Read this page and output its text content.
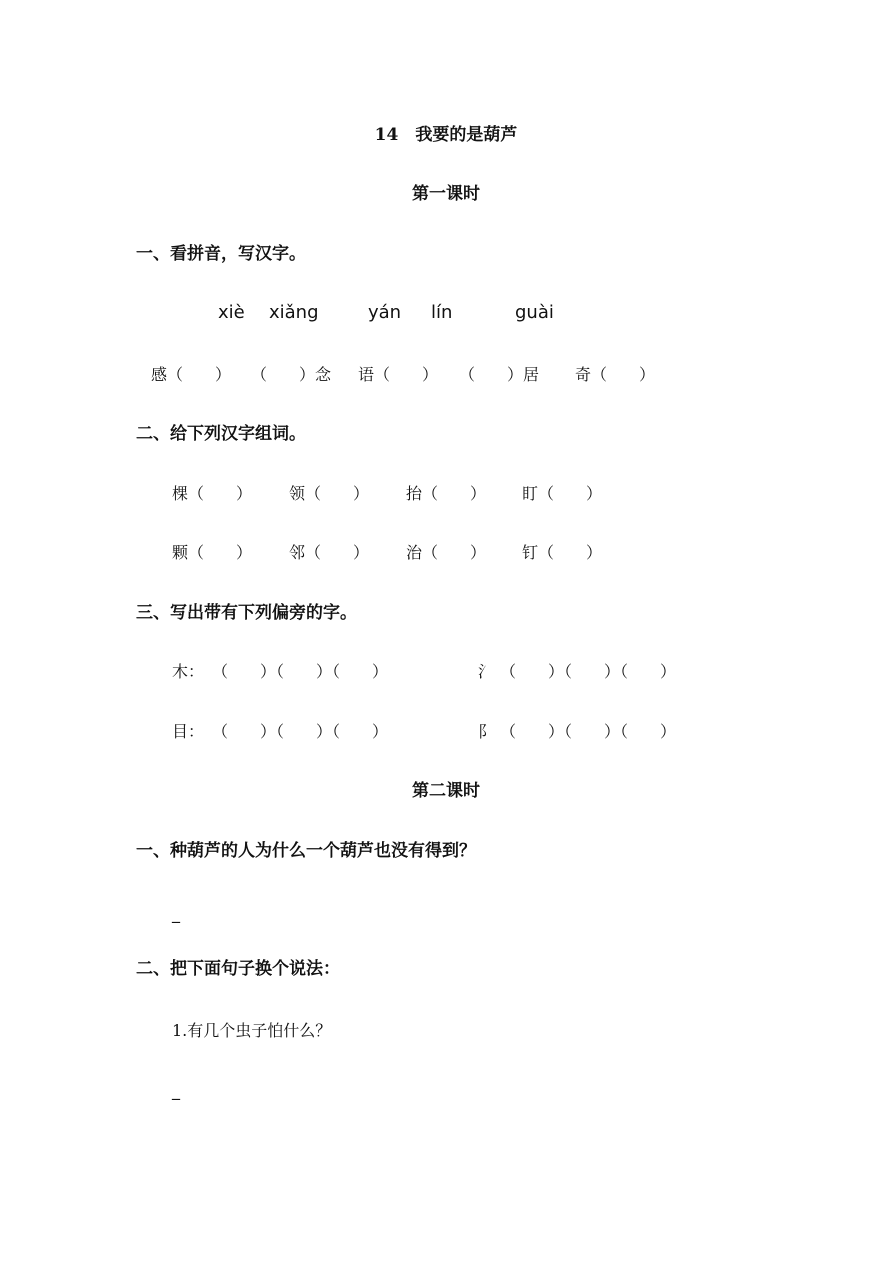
14　我要的是葫芦
第一课时
一、看拼音，写汉字。
xiè xiǎng	yán lín	guài
感（　　） （　　）念 语（　　） （　　）居 奇（　　）
二、给下列汉字组词。
棵（　　） 领（　　） 抬（　　） 盯（　　）
颗（　　） 邻（　　） 治（　　） 钉（　　）
三、写出带有下列偏旁的字。
木： （　　）（　　）（　　）	氵 （　　）（　　）（　　）
目： （　　）（　　）（　　）	阝 （　　）（　　）（　　）
第二课时
一、种葫芦的人为什么一个葫芦也没有得到？
_
二、把下面句子换个说法：
1.有几个虫子怕什么？
_
